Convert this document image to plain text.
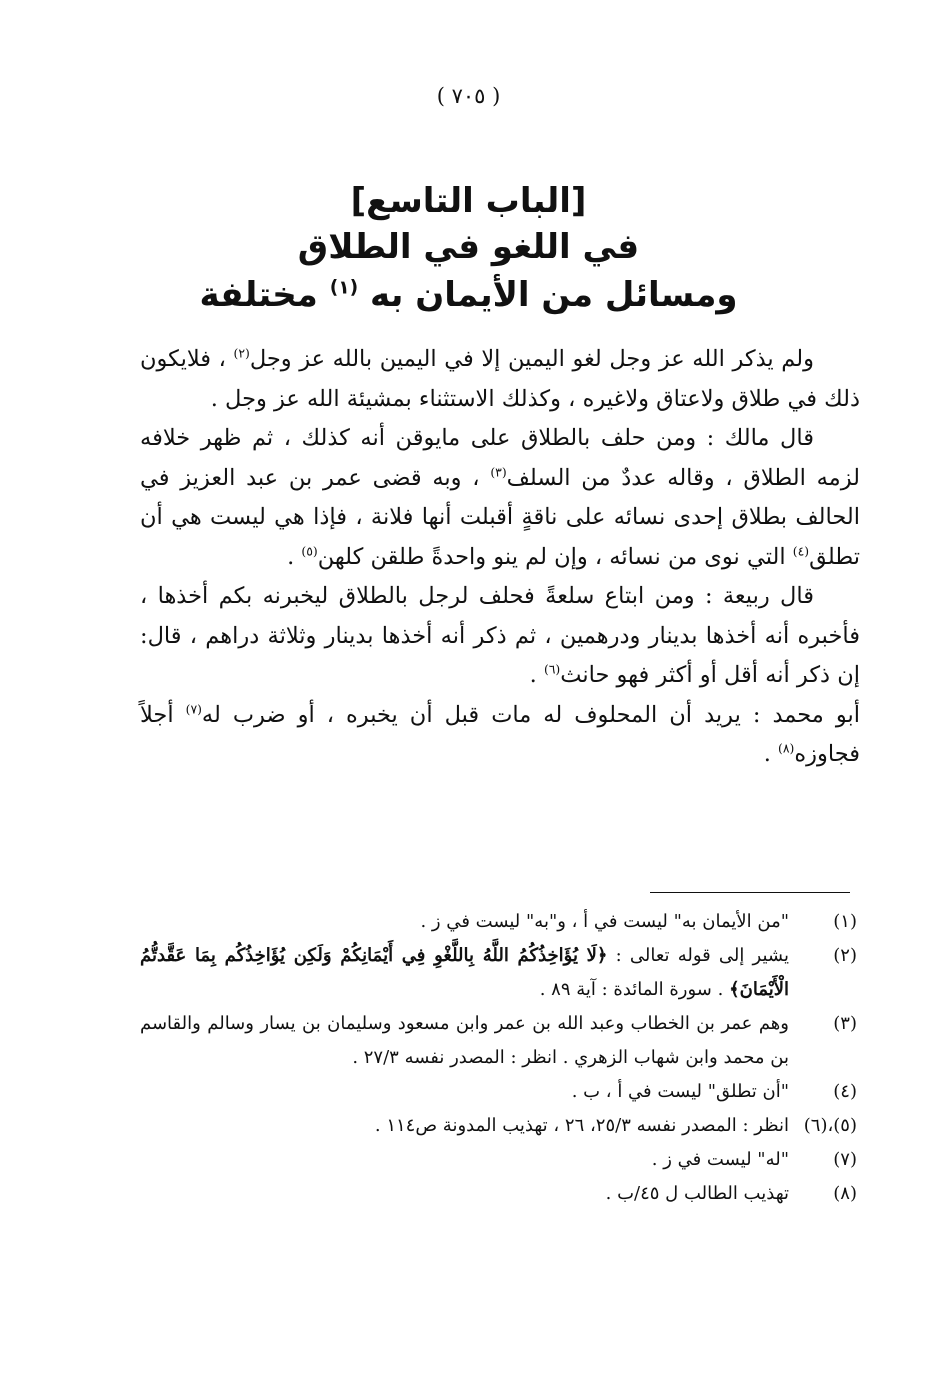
( ٧٠٥ )
[الباب التاسع]
في اللغو في الطلاق
ومسائل من الأيمان به $^{(١)}$ مختلفة

ولم يذكر الله عز وجل لغو اليمين إلا في اليمين بالله عز وجل$^{(٢)}$ ، فلايكون ذلك في طلاق ولاعتاق ولاغيره ، وكذلك الاستثناء بمشيئة الله عز وجل .

قال مالك : ومن حلف بالطلاق على مايوقن أنه كذلك ، ثم ظهر خلافه لزمه الطلاق ، وقاله عددٌ من السلف$^{(٣)}$ ، وبه قضى عمر بن عبد العزيز في الحالف بطلاق إحدى نسائه على ناقةٍ أقبلت أنها فلانة ، فإذا هي ليست هي أن تطلق$^{(٤)}$ التي نوى من نسائه ، وإن لم ينو واحدةً طلقن كلهن$^{(٥)}$ .

قال ربيعة : ومن ابتاع سلعةً فحلف لرجل بالطلاق ليخبرنه بكم أخذها ، فأخبره أنه أخذها بدينار ودرهمين ، ثم ذكر أنه أخذها بدينار وثلاثة دراهم ، قال: إن ذكر أنه أقل أو أكثر فهو حانث$^{(٦)}$ .

أبو محمد : يريد أن المحلوف له مات قبل أن يخبره ، أو ضرب له$^{(٧)}$ أجلاً فجاوزه$^{(٨)}$ .

(١)
"من الأيمان به" ليست في أ ، و"به" ليست في ز .
(٢)
يشير إلى قوله تعالى : ﴿لَا يُؤَاخِذُكُمُ اللَّهُ بِاللَّغْوِ فِي أَيْمَانِكُمْ وَلَكِن يُؤَاخِذُكُم بِمَا عَقَّدتُّمُ الْأَيْمَانَ﴾ . سورة المائدة : آية ٨٩ .
(٣)
وهم عمر بن الخطاب وعبد الله بن عمر وابن مسعود وسليمان بن يسار وسالم والقاسم بن محمد وابن شهاب الزهري . انظر : المصدر نفسه ٢٧/٣ .
(٤)
"أن تطلق" ليست في أ ، ب .
(٥)،(٦)
انظر : المصدر نفسه ٢٥/٣، ٢٦ ، تهذيب المدونة ص١١٤ .
(٧)
"له" ليست في ز .
(٨)
تهذيب الطالب ل ٤٥/ب .
